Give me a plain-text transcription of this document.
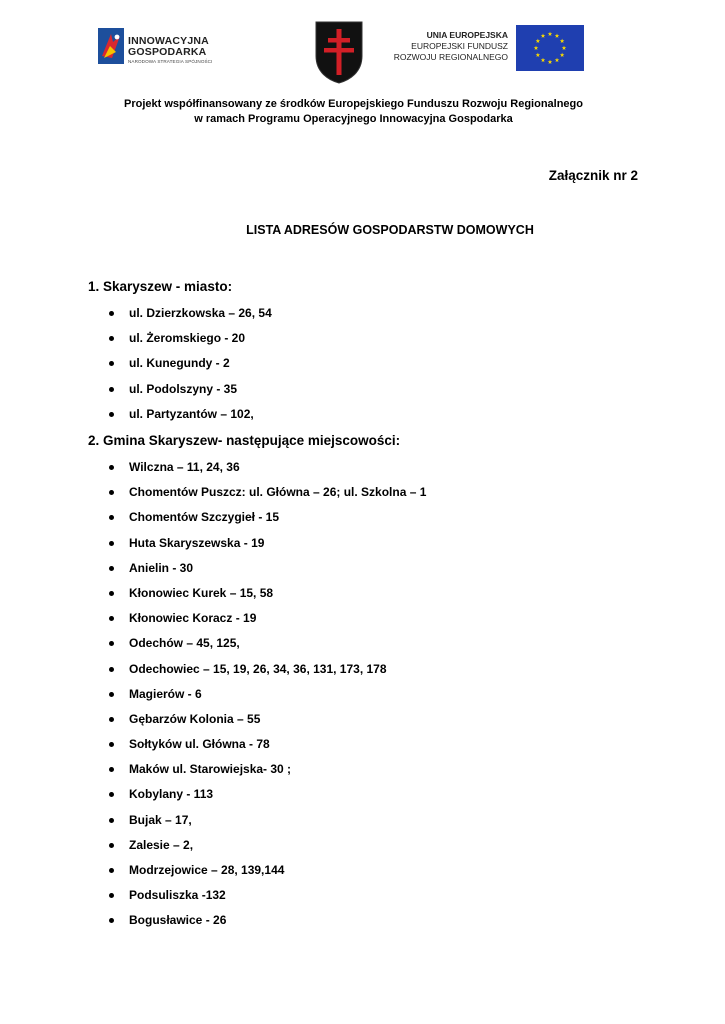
INNOWACYJNA
GOSPODARKA
NARODOWA STRATEGIA SPÓJNOŚCI
UNIA EUROPEJSKA
EUROPEJSKI FUNDUSZ
ROZWOJU REGIONALNEGO
Projekt współfinansowany ze środków Europejskiego Funduszu Rozwoju Regionalnego
w ramach Programu Operacyjnego Innowacyjna Gospodarka
Załącznik nr 2
LISTA ADRESÓW GOSPODARSTW DOMOWYCH
1. Skaryszew - miasto:
ul. Dzierzkowska – 26, 54
ul. Żeromskiego - 20
ul. Kunegundy - 2
ul. Podolszyny - 35
ul. Partyzantów – 102,
2. Gmina Skaryszew- następujące miejscowości:
Wilczna – 11, 24, 36
Chomentów Puszcz: ul. Główna – 26; ul. Szkolna – 1
Chomentów Szczygieł - 15
Huta Skaryszewska - 19
Anielin - 30
Kłonowiec Kurek – 15, 58
Kłonowiec Koracz - 19
Odechów – 45, 125,
Odechowiec – 15, 19, 26, 34, 36, 131, 173, 178
Magierów - 6
Gębarzów Kolonia – 55
Sołtyków ul. Główna - 78
Maków ul. Starowiejska- 30 ;
Kobylany - 113
Bujak – 17,
Zalesie – 2,
Modrzejowice – 28, 139,144
Podsuliszka -132
Bogusławice - 26
